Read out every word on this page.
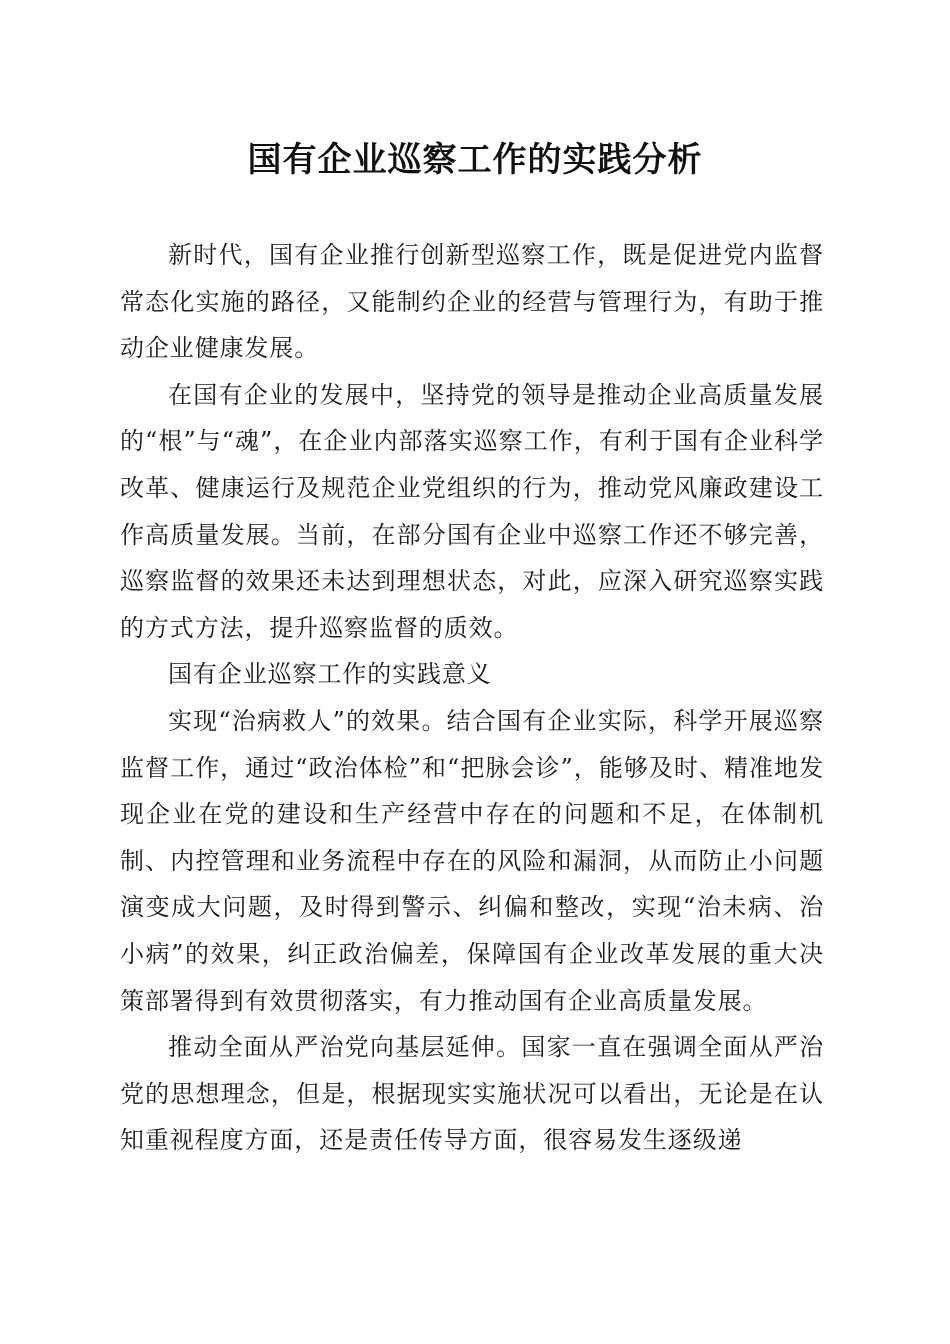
国有企业巡察工作的实践分析

新时代，国有企业推行创新型巡察工作，既是促进党内监督常态化实施的路径，又能制约企业的经营与管理行为，有助于推动企业健康发展。

在国有企业的发展中，坚持党的领导是推动企业高质量发展的“根”与“魂”，在企业内部落实巡察工作，有利于国有企业科学改革、健康运行及规范企业党组织的行为，推动党风廉政建设工作高质量发展。当前，在部分国有企业中巡察工作还不够完善，巡察监督的效果还未达到理想状态，对此，应深入研究巡察实践的方式方法，提升巡察监督的质效。

国有企业巡察工作的实践意义

实现“治病救人”的效果。结合国有企业实际，科学开展巡察监督工作，通过“政治体检”和“把脉会诊”，能够及时、精准地发现企业在党的建设和生产经营中存在的问题和不足，在体制机制、内控管理和业务流程中存在的风险和漏洞，从而防止小问题演变成大问题，及时得到警示、纠偏和整改，实现“治未病、治小病”的效果，纠正政治偏差，保障国有企业改革发展的重大决策部署得到有效贯彻落实，有力推动国有企业高质量发展。

推动全面从严治党向基层延伸。国家一直在强调全面从严治党的思想理念，但是，根据现实实施状况可以看出，无论是在认知重视程度方面，还是责任传导方面，很容易发生逐级递
